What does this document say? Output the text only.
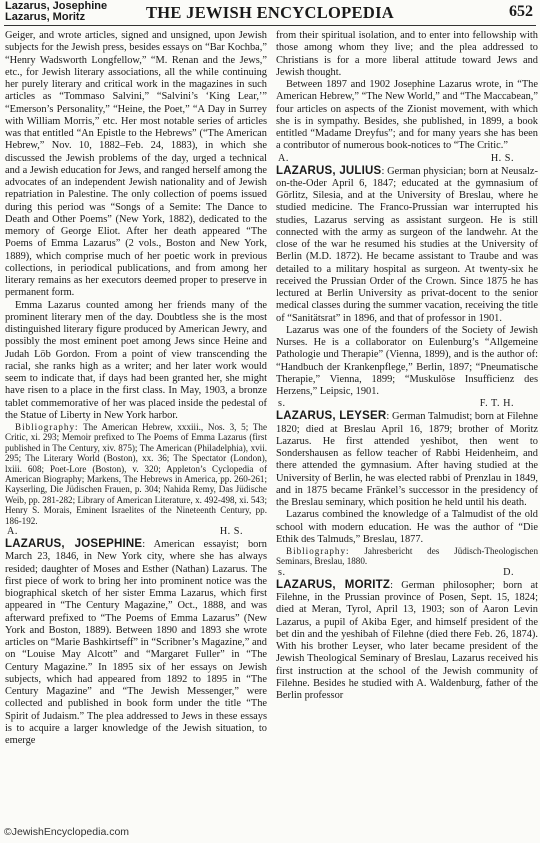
Lazarus, Josephine
Lazarus, Moritz	THE JEWISH ENCYCLOPEDIA	652

Geiger, and wrote articles, signed and unsigned, upon Jewish subjects for the Jewish press, besides essays on “Bar Kochba,” “Henry Wadsworth Longfellow,” “M. Renan and the Jews,” etc., for Jewish literary associations, all the while continuing her purely literary and critical work in the magazines in such articles as “Tommaso Salvini,” “Salvini’s ‘King Lear,’” “Emerson’s Personality,” “Heine, the Poet,” “A Day in Surrey with William Morris,” etc. Her most notable series of articles was that entitled “An Epistle to the Hebrews” (“The American Hebrew,” Nov. 10, 1882–Feb. 24, 1883), in which she discussed the Jewish problems of the day, urged a technical and a Jewish education for Jews, and ranged herself among the advocates of an independent Jewish nationality and of Jewish repatriation in Palestine. The only collection of poems issued during this period was “Songs of a Semite: The Dance to Death and Other Poems” (New York, 1882), dedicated to the memory of George Eliot. After her death appeared “The Poems of Emma Lazarus” (2 vols., Boston and New York, 1889), which comprise much of her poetic work in previous collections, in periodical publications, and from among her literary remains as her executors deemed proper to preserve in permanent form.

Emma Lazarus counted among her friends many of the prominent literary men of the day. Doubtless she is the most distinguished literary figure produced by American Jewry, and possibly the most eminent poet among Jews since Heine and Judah Löb Gordon. From a point of view transcending the racial, she ranks high as a writer; and her later work would seem to indicate that, if days had been granted her, she might have risen to a place in the first class. In May, 1903, a bronze tablet commemorative of her was placed inside the pedestal of the Statue of Liberty in New York harbor.

Bibliography: The American Hebrew, xxxiii., Nos. 3, 5; The Critic, xi. 293; Memoir prefixed to The Poems of Emma Lazarus (first published in The Century, xiv. 875); The American (Philadelphia), xvii. 295; The Literary World (Boston), xx. 36; The Spectator (London), lxiii. 608; Poet-Lore (Boston), v. 320; Appleton’s Cyclopedia of American Biography; Markens, The Hebrews in America, pp. 260-261; Kayserling, Die Jüdischen Frauen, p. 304; Nahida Remy, Das Jüdische Weib, pp. 281-282; Library of American Literature, x. 492-498, xi. 543; Henry S. Morais, Eminent Israelites of the Nineteenth Century, pp. 186-192.

A.	H. S.

LAZARUS, JOSEPHINE: American essayist; born March 23, 1846, in New York city, where she has always resided; daughter of Moses and Esther (Nathan) Lazarus. The first piece of work to bring her into prominent notice was the biographical sketch of her sister Emma Lazarus, which first appeared in “The Century Magazine,” Oct., 1888, and was afterward prefixed to “The Poems of Emma Lazarus” (New York and Boston, 1889). Between 1890 and 1893 she wrote articles on “Marie Bashkirtseff” in “Scribner’s Magazine,” and on “Louise May Alcott” and “Margaret Fuller” in “The Century Magazine.” In 1895 six of her essays on Jewish subjects, which had appeared from 1892 to 1895 in “The Century Magazine” and “The Jewish Messenger,” were collected and published in book form under the title “The Spirit of Judaism.” The plea addressed to Jews in these essays is to acquire a larger knowledge of the Jewish situation, to emerge

from their spiritual isolation, and to enter into fellowship with those among whom they live; and the plea addressed to Christians is for a more liberal attitude toward Jews and Jewish thought.

Between 1897 and 1902 Josephine Lazarus wrote, in “The American Hebrew,” “The New World,” and “The Maccabean,” four articles on aspects of the Zionist movement, with which she is in sympathy. Besides, she published, in 1899, a book entitled “Madame Dreyfus”; and for many years she has been a contributor of numerous book-notices to “The Critic.”

A.	H. S.

LAZARUS, JULIUS: German physician; born at Neusalz-on-the-Oder April 6, 1847; educated at the gymnasium of Görlitz, Silesia, and at the University of Breslau, where he studied medicine. The Franco-Prussian war interrupted his studies, Lazarus serving as assistant surgeon. He is still connected with the army as surgeon of the landwehr. At the close of the war he resumed his studies at the University of Berlin (M.D. 1872). He became assistant to Traube and was detailed to a military hospital as surgeon. At twenty-six he received the Prussian Order of the Crown. Since 1875 he has lectured at Berlin University as privat-docent to the senior medical classes during the summer vacation, receiving the title of “Sanitätsrat” in 1896, and that of professor in 1901.

Lazarus was one of the founders of the Society of Jewish Nurses. He is a collaborator on Eulenburg’s “Allgemeine Pathologie und Therapie” (Vienna, 1899), and is the author of: “Handbuch der Krankenpflege,” Berlin, 1897; “Pneumatische Therapie,” Vienna, 1899; “Muskulöse Insufficienz des Herzens,” Leipsic, 1901.

s.	F. T. H.

LAZARUS, LEYSER: German Talmudist; born at Filehne 1820; died at Breslau April 16, 1879; brother of Moritz Lazarus. He first attended yeshibot, then went to Sondershausen as fellow teacher of Rabbi Heidenheim, and there attended the gymnasium. After having studied at the University of Berlin, he was elected rabbi of Prenzlau in 1849, and in 1875 became Fränkel’s successor in the presidency of the Breslau seminary, which position he held until his death.

Lazarus combined the knowledge of a Talmudist of the old school with modern education. He was the author of “Die Ethik des Talmuds,” Breslau, 1877.

Bibliography: Jahresbericht des Jüdisch-Theologischen Seminars, Breslau, 1880.

s.	D.

LAZARUS, MORITZ: German philosopher; born at Filehne, in the Prussian province of Posen, Sept. 15, 1824; died at Meran, Tyrol, April 13, 1903; son of Aaron Levin Lazarus, a pupil of Akiba Eger, and himself president of the bet din and the yeshibah of Filehne (died there Feb. 26, 1874). With his brother Leyser, who later became president of the Jewish Theological Seminary of Breslau, Lazarus received his first instruction at the school of the Jewish community of Filehne. Besides he studied with A. Waldenburg, father of the Berlin professor

©JewishEncyclopedia.com
